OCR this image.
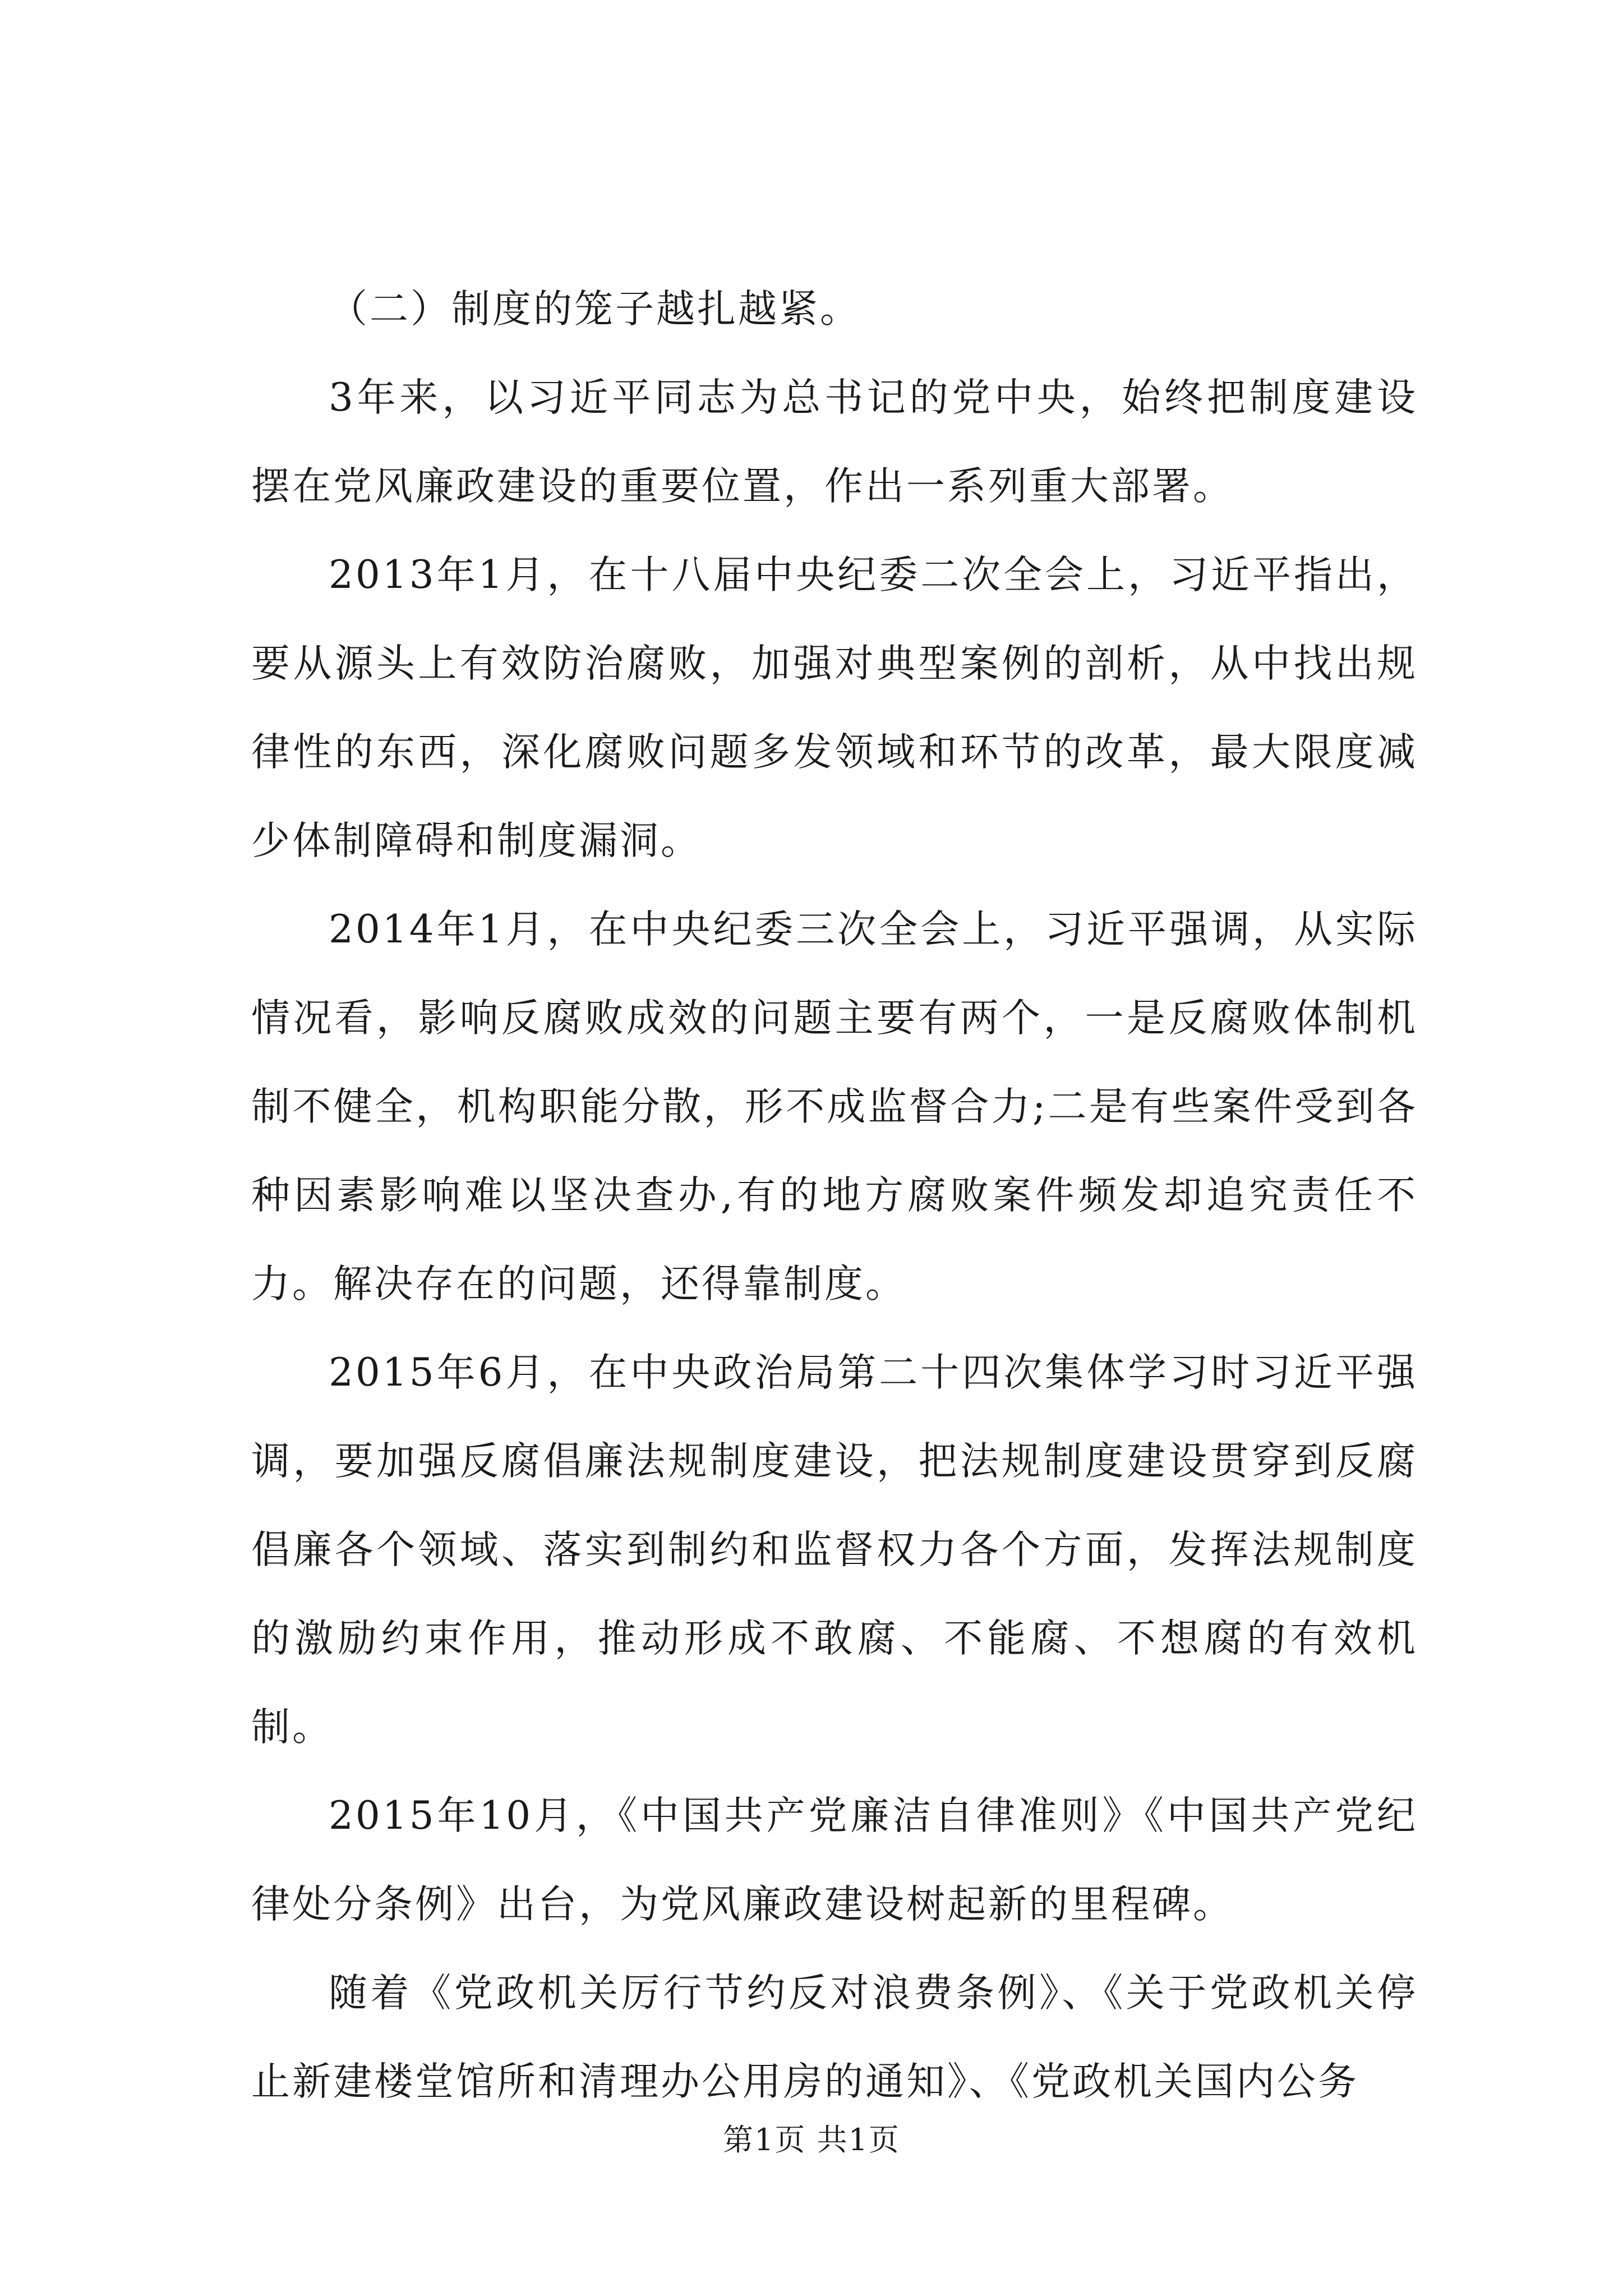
（二）制度的笼子越扎越紧。

3年来，以习近平同志为总书记的党中央，始终把制度建设摆在党风廉政建设的重要位置，作出一系列重大部署。

2013年1月，在十八届中央纪委二次全会上，习近平指出，要从源头上有效防治腐败，加强对典型案例的剖析，从中找出规律性的东西，深化腐败问题多发领域和环节的改革，最大限度减少体制障碍和制度漏洞。

2014年1月，在中央纪委三次全会上，习近平强调，从实际情况看，影响反腐败成效的问题主要有两个，一是反腐败体制机制不健全，机构职能分散，形不成监督合力;二是有些案件受到各种因素影响难以坚决查办,有的地方腐败案件频发却追究责任不力。解决存在的问题，还得靠制度。

2015年6月，在中央政治局第二十四次集体学习时习近平强调，要加强反腐倡廉法规制度建设，把法规制度建设贯穿到反腐倡廉各个领域、落实到制约和监督权力各个方面，发挥法规制度的激励约束作用，推动形成不敢腐、不能腐、不想腐的有效机制。

2015年10月，《中国共产党廉洁自律准则》《中国共产党纪律处分条例》出台，为党风廉政建设树起新的里程碑。

随着《党政机关厉行节约反对浪费条例》、《关于党政机关停止新建楼堂馆所和清理办公用房的通知》、《党政机关国内公务

第1页 共1页
